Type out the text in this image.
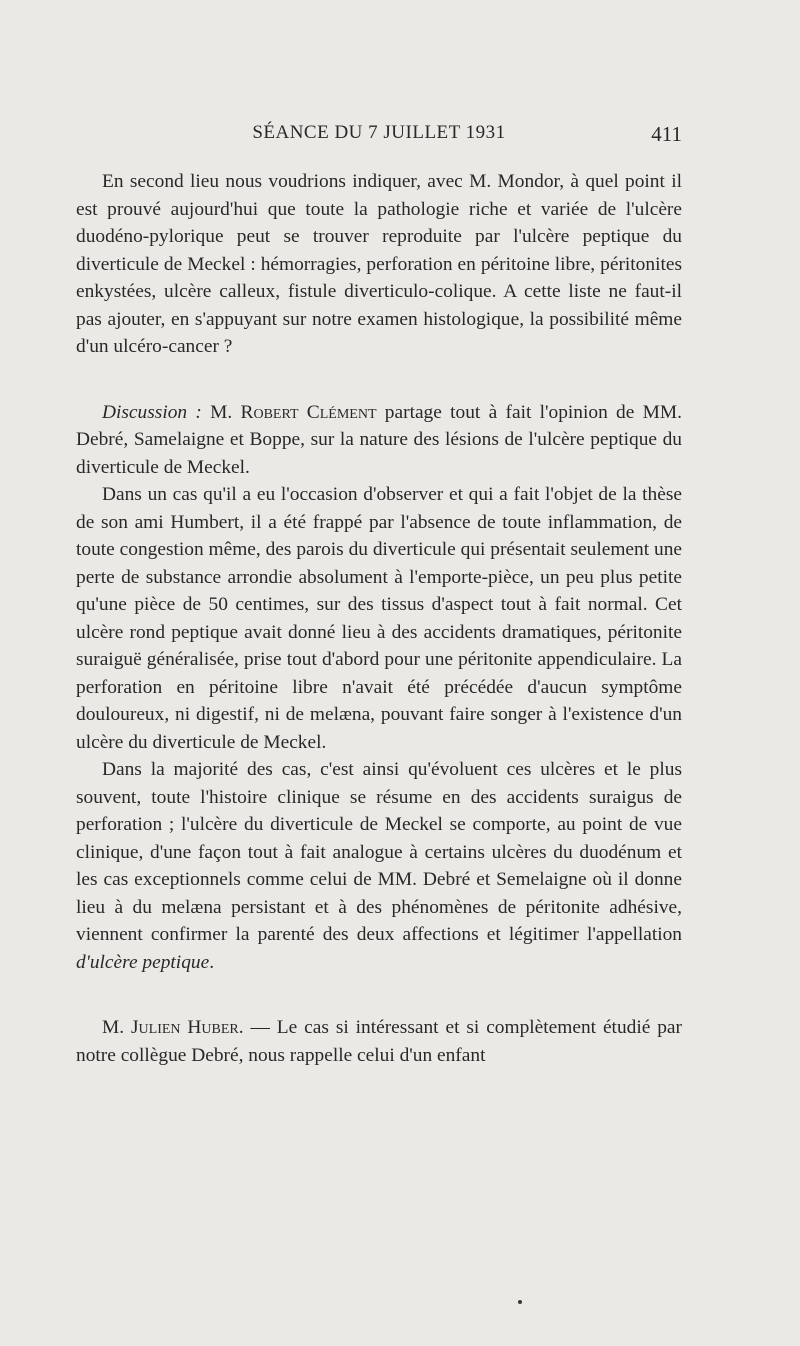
SÉANCE DU 7 JUILLET 1931	411

En second lieu nous voudrions indiquer, avec M. Mondor, à quel point il est prouvé aujourd'hui que toute la pathologie riche et variée de l'ulcère duodéno-pylorique peut se trouver reproduite par l'ulcère peptique du diverticule de Meckel : hémorragies, perforation en péritoine libre, péritonites enkystées, ulcère calleux, fistule diverticulo-colique. A cette liste ne faut-il pas ajouter, en s'appuyant sur notre examen histologique, la possibilité même d'un ulcéro-cancer ?

Discussion : M. Robert Clément partage tout à fait l'opinion de MM. Debré, Samelaigne et Boppe, sur la nature des lésions de l'ulcère peptique du diverticule de Meckel.

Dans un cas qu'il a eu l'occasion d'observer et qui a fait l'objet de la thèse de son ami Humbert, il a été frappé par l'absence de toute inflammation, de toute congestion même, des parois du diverticule qui présentait seulement une perte de substance arrondie absolument à l'emporte-pièce, un peu plus petite qu'une pièce de 50 centimes, sur des tissus d'aspect tout à fait normal. Cet ulcère rond peptique avait donné lieu à des accidents dramatiques, péritonite suraiguë généralisée, prise tout d'abord pour une péritonite appendiculaire. La perforation en péritoine libre n'avait été précédée d'aucun symptôme douloureux, ni digestif, ni de melæna, pouvant faire songer à l'existence d'un ulcère du diverticule de Meckel.

Dans la majorité des cas, c'est ainsi qu'évoluent ces ulcères et le plus souvent, toute l'histoire clinique se résume en des accidents suraigus de perforation ; l'ulcère du diverticule de Meckel se comporte, au point de vue clinique, d'une façon tout à fait analogue à certains ulcères du duodénum et les cas exceptionnels comme celui de MM. Debré et Semelaigne où il donne lieu à du melæna persistant et à des phénomènes de péritonite adhésive, viennent confirmer la parenté des deux affections et légitimer l'appellation d'ulcère peptique.

M. Julien Huber. — Le cas si intéressant et si complètement étudié par notre collègue Debré, nous rappelle celui d'un enfant
